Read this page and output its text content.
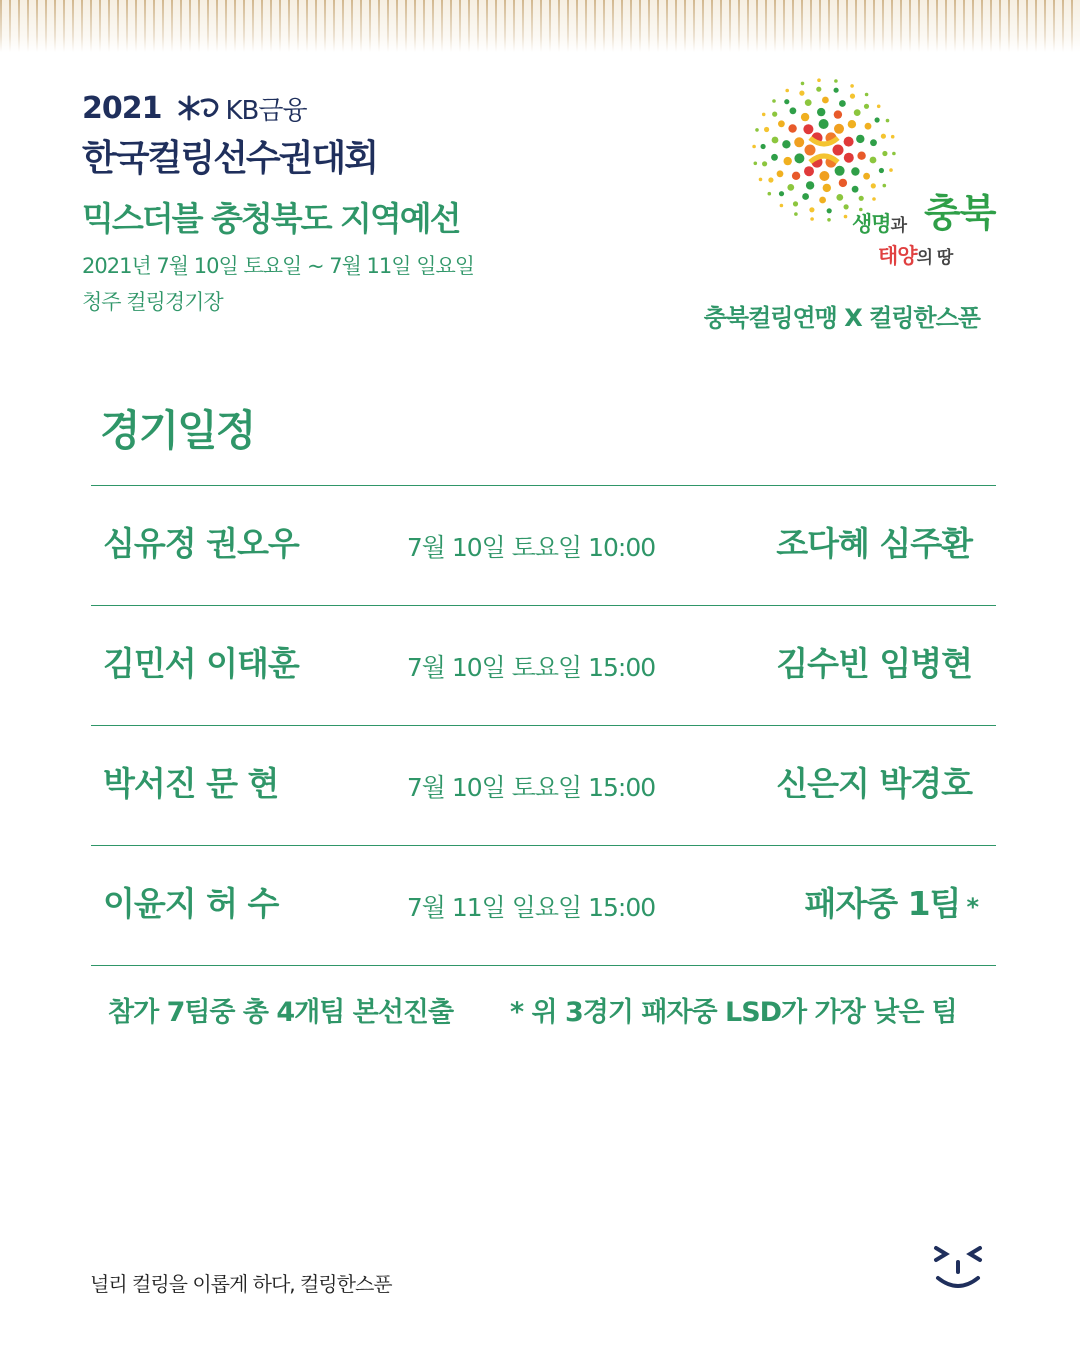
2021 KB금융
한국컬링선수권대회
믹스더블 충청북도 지역예선
2021년 7월 10일 토요일 ~ 7월 11일 일요일
청주 컬링경기장
생명과 충북
태양의 땅
충북컬링연맹 X 컬링한스푼
경기일정
심유정 권오우	7월 10일 토요일 10:00	조다혜 심주환
김민서 이태훈	7월 10일 토요일 15:00	김수빈 임병현
박서진 문 현	7월 10일 토요일 15:00	신은지 박경호
이윤지 허 수	7월 11일 일요일 15:00	패자중 1팀 *
참가 7팀중 총 4개팀 본선진출 * 위 3경기 패자중 LSD가 가장 낮은 팀
널리 컬링을 이롭게 하다, 컬링한스푼
